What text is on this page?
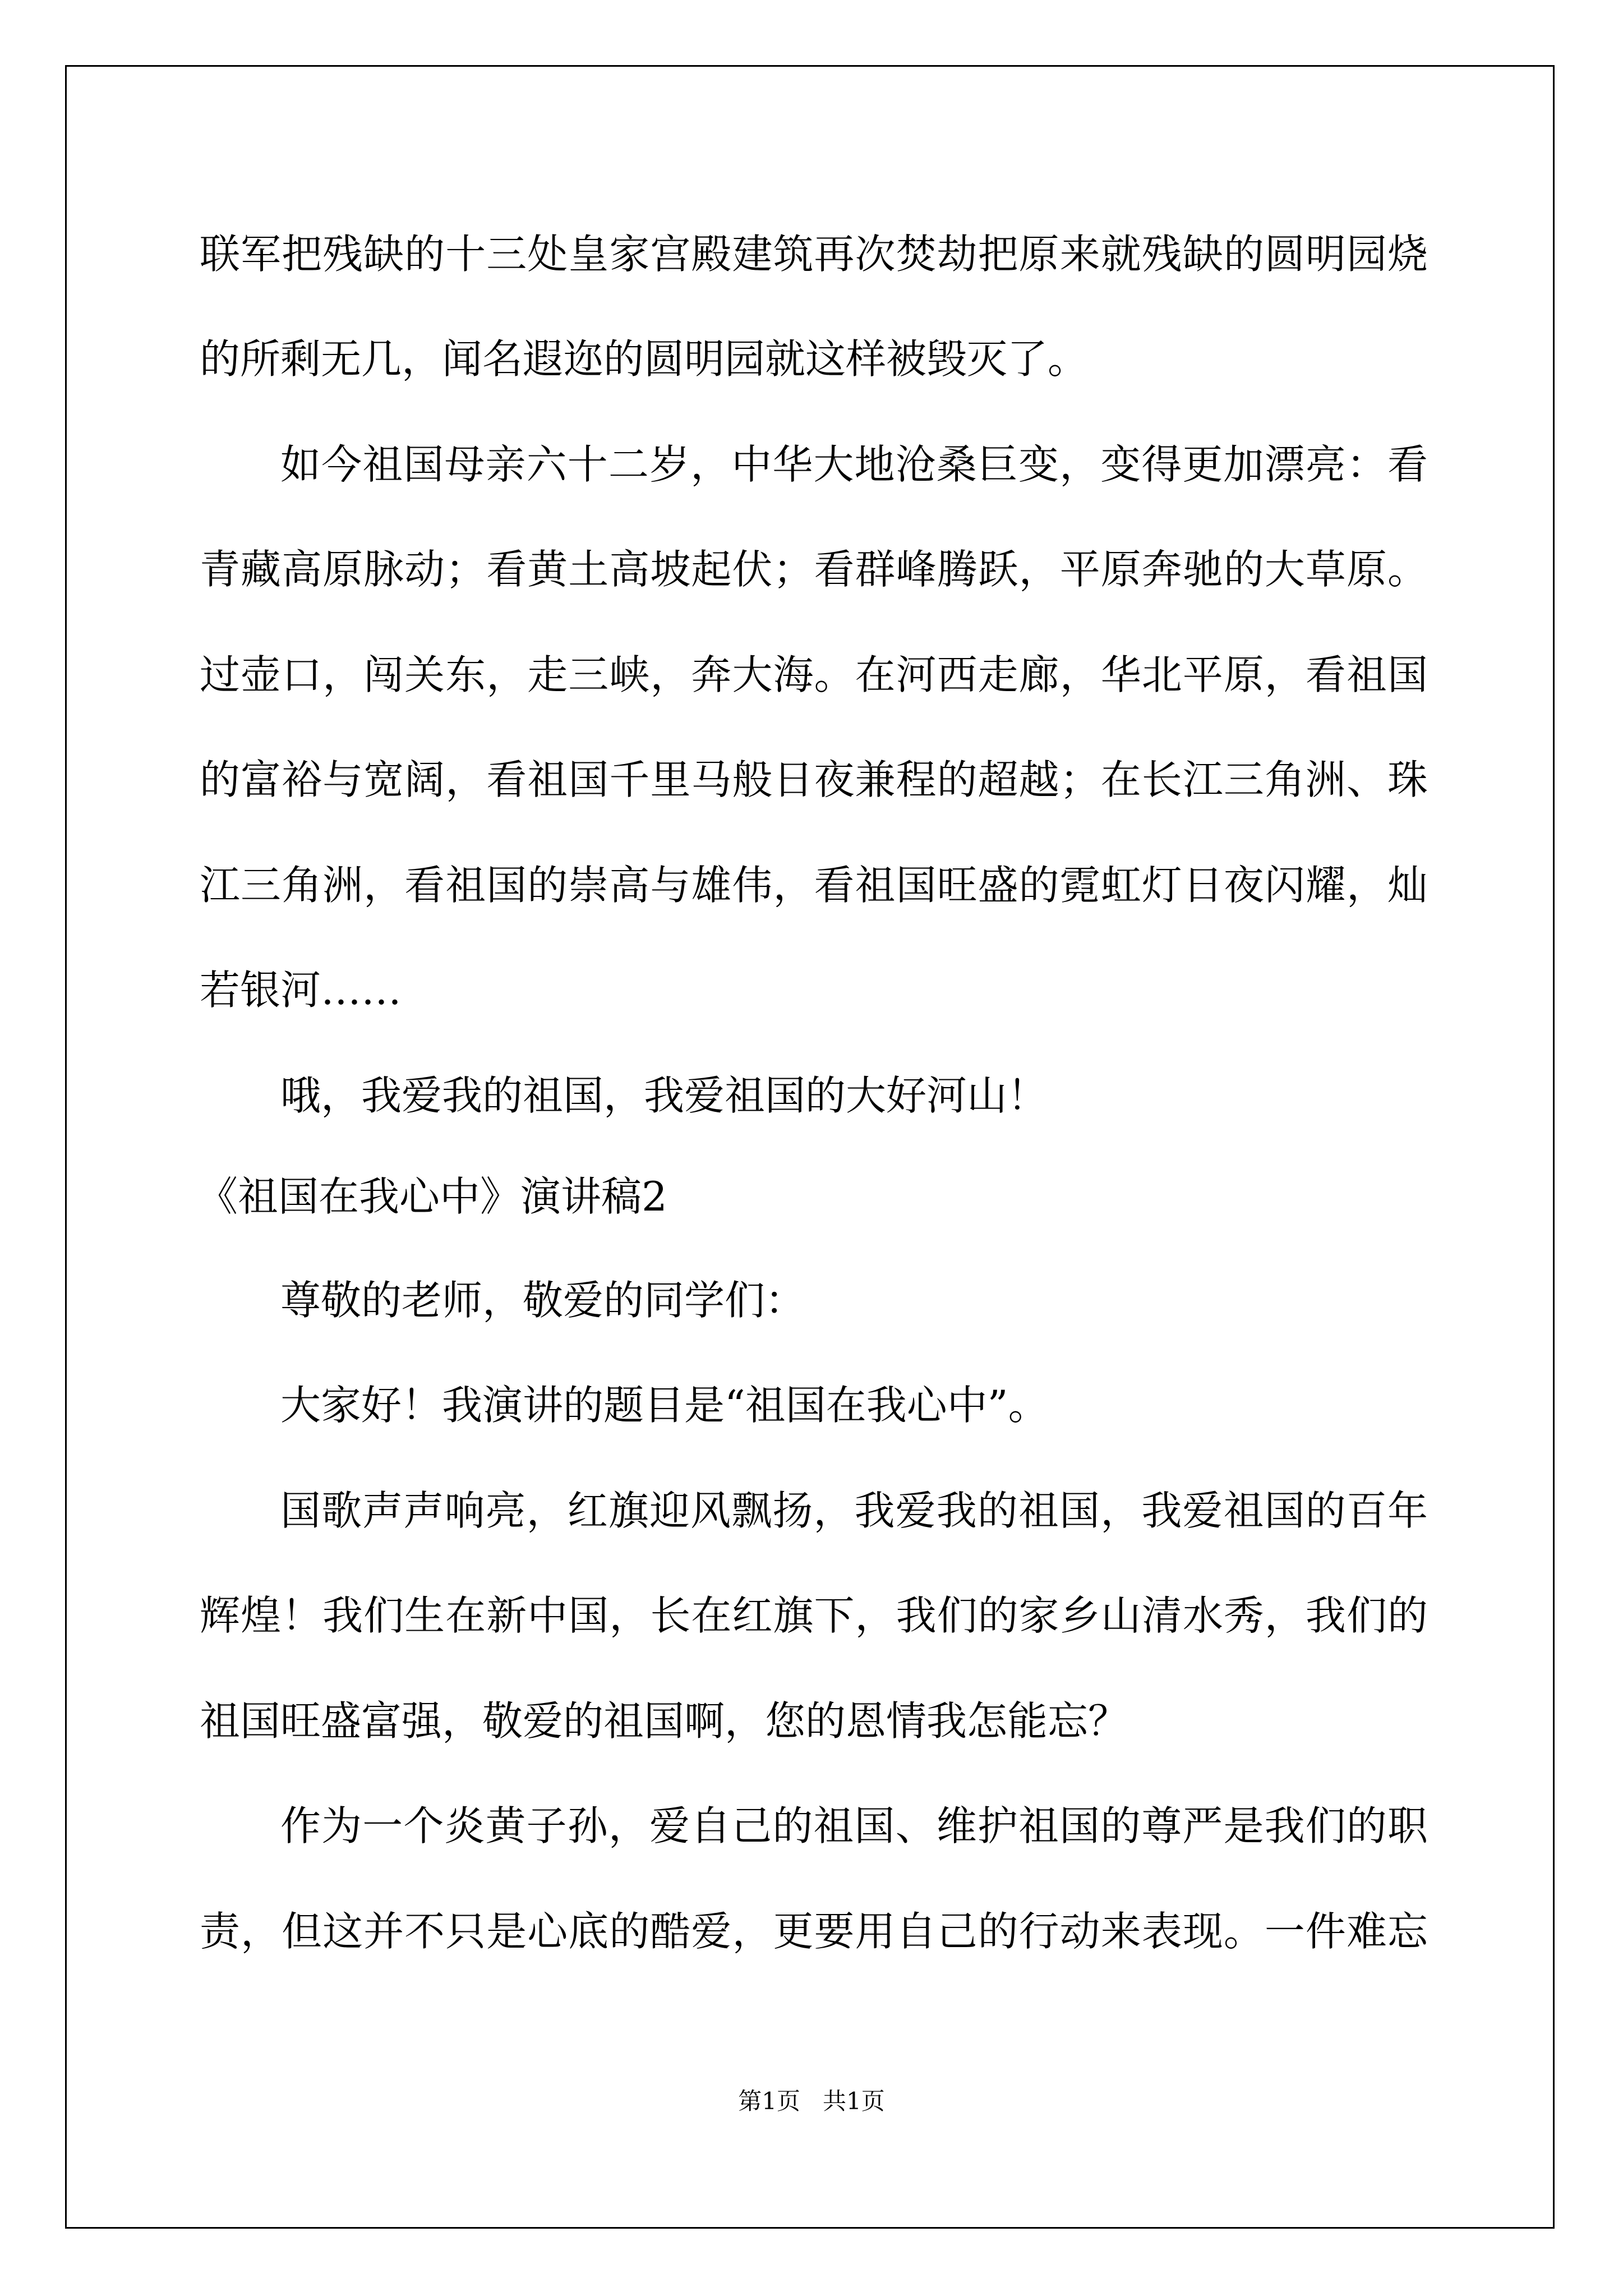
联军把残缺的十三处皇家宫殿建筑再次焚劫把原来就残缺的圆明园烧
的所剩无几，闻名遐迩的圆明园就这样被毁灭了。
如今祖国母亲六十二岁，中华大地沧桑巨变，变得更加漂亮：看
青藏高原脉动；看黄土高坡起伏；看群峰腾跃，平原奔驰的大草原。
过壶口，闯关东，走三峡，奔大海。在河西走廊，华北平原，看祖国
的富裕与宽阔，看祖国千里马般日夜兼程的超越；在长江三角洲、珠
江三角洲，看祖国的崇高与雄伟，看祖国旺盛的霓虹灯日夜闪耀，灿
若银河……
哦，我爱我的祖国，我爱祖国的大好河山！
《祖国在我心中》演讲稿2
尊敬的老师，敬爱的同学们：
大家好！我演讲的题目是“祖国在我心中”。
国歌声声响亮，红旗迎风飘扬，我爱我的祖国，我爱祖国的百年
辉煌！我们生在新中国，长在红旗下，我们的家乡山清水秀，我们的
祖国旺盛富强，敬爱的祖国啊，您的恩情我怎能忘？
作为一个炎黄子孙，爱自己的祖国、维护祖国的尊严是我们的职
责，但这并不只是心底的酷爱，更要用自己的行动来表现。一件难忘
第1页   共1页
